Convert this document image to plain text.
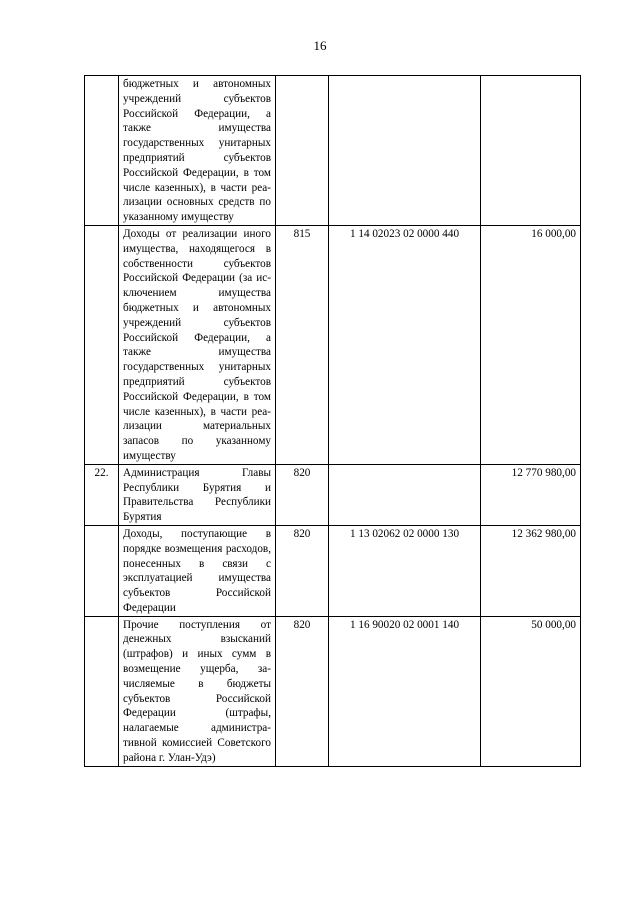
16
	бюджетных и автономных учреждений субъектов Российской Федерации, а также имущества государственных унитарных предприятий субъектов Российской Федерации, в том числе казенных), в части реализации основных средств по указанному имуществу			
	Доходы от реализации иного имущества, находящегося в собственности субъектов Российской Федерации (за исключением имущества бюджетных и автономных учреждений субъектов Российской Федерации, а также имущества государственных унитарных предприятий субъектов Российской Федерации, в том числе казенных), в части реализации материальных запасов по указанному имуществу	815	1 14 02023 02 0000 440	16 000,00
22.	Администрация Главы Республики Бурятия и Правительства Республики Бурятия	820		12 770 980,00
	Доходы, поступающие в порядке возмещения расходов, понесенных в связи с эксплуатацией имущества субъектов Российской Федерации	820	1 13 02062 02 0000 130	12 362 980,00
	Прочие поступления от денежных взысканий (штрафов) и иных сумм в возмещение ущерба, зачисляемые в бюджеты субъектов Российской Федерации (штрафы, налагаемые административной комиссией Советского района г. Улан-Удэ)	820	1 16 90020 02 0001 140	50 000,00
